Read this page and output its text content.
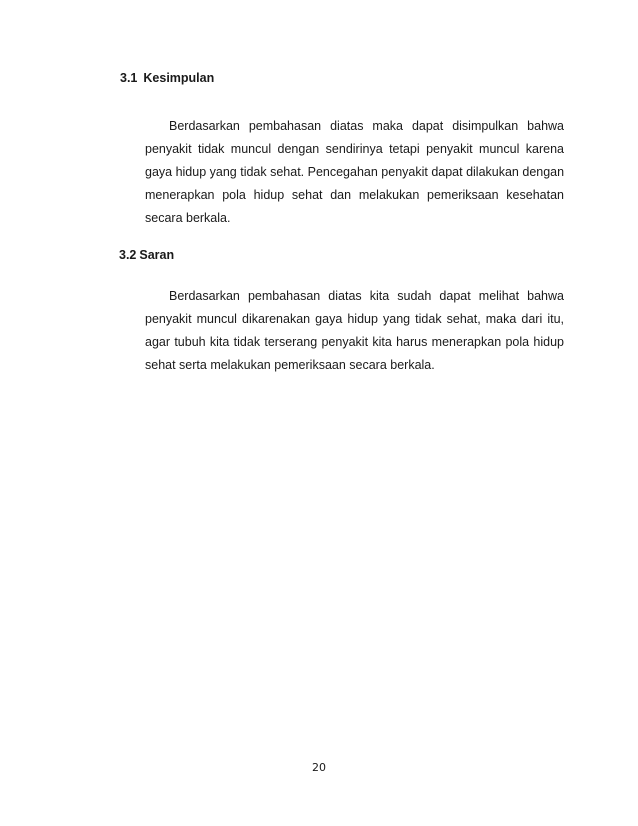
3.1 Kesimpulan
Berdasarkan pembahasan diatas maka dapat disimpulkan bahwa
penyakit tidak muncul dengan sendirinya tetapi penyakit muncul karena
gaya hidup yang tidak sehat. Pencegahan penyakit dapat dilakukan dengan
menerapkan pola hidup sehat dan melakukan pemeriksaan kesehatan
secara berkala.
3.2 Saran
Berdasarkan pembahasan diatas kita sudah dapat melihat bahwa
penyakit muncul dikarenakan gaya hidup yang tidak sehat, maka dari itu,
agar tubuh kita tidak terserang penyakit kita harus menerapkan pola hidup
sehat serta melakukan pemeriksaan secara berkala.
20
